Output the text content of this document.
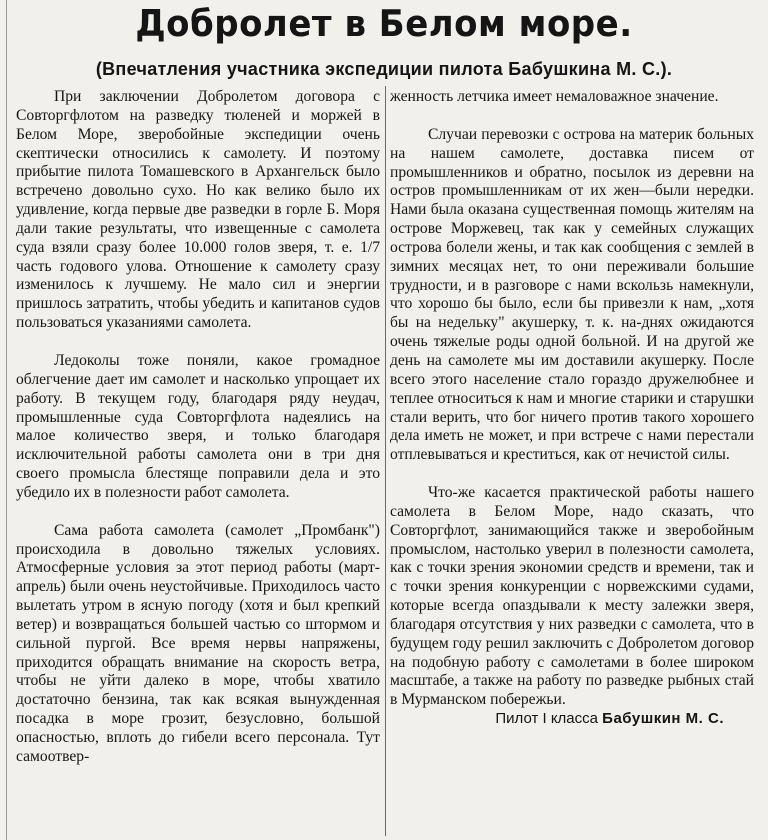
Добролет в Белом море.
(Впечатления участника экспедиции пилота Бабушкина М. С.).

При заключении Добролетом договора с Совторгфлотом на разведку тюленей и моржей в Белом Море, зверобойные экспедиции очень скептически относились к самолету. И поэтому прибытие пилота Томашевского в Архангельск было встречено довольно сухо. Но как велико было их удивление, когда первые две разведки в горле Б. Моря дали такие результаты, что извещенные с самолета суда взяли сразу более 10.000 голов зверя, т. е. 1/7 часть годового улова. Отношение к самолету сразу изменилось к лучшему. Не мало сил и энергии пришлось затратить, чтобы убедить и капитанов судов пользоваться указаниями самолета.

Ледоколы тоже поняли, какое громадное облегчение дает им самолет и насколько упрощает их работу. В текущем году, благодаря ряду неудач, промышленные суда Совторгфлота надеялись на малое количество зверя, и только благодаря исключительной работы самолета они в три дня своего промысла блестяще поправили дела и это убедило их в полезности работ самолета.

Сама работа самолета (самолет „Промбанк") происходила в довольно тяжелых условиях. Атмосферные условия за этот период работы (март-апрель) были очень неустойчивые. Приходилось часто вылетать утром в ясную погоду (хотя и был крепкий ветер) и возвращаться большей частью со штормом и сильной пургой. Все время нервы напряжены, приходится обращать внимание на скорость ветра, чтобы не уйти далеко в море, чтобы хватило достаточно бензина, так как всякая вынужденная посадка в море грозит, безусловно, большой опасностью, вплоть до гибели всего персонала. Тут самоотвер-

женность летчика имеет немаловажное значение.

Случаи перевозки с острова на материк больных на нашем самолете, доставка писем от промышленников и обратно, посылок из деревни на остров промышленникам от их жен—были нередки. Нами была оказана существенная помощь жителям на острове Моржевец, так как у семейных служащих острова болели жены, и так как сообщения с землей в зимних месяцах нет, то они переживали большие трудности, и в разговоре с нами вскользь намекнули, что хорошо бы было, если бы привезли к нам, „хотя бы на недельку" акушерку, т. к. на-днях ожидаются очень тяжелые роды одной больной. И на другой же день на самолете мы им доставили акушерку. После всего этого население стало гораздо дружелюбнее и теплее относиться к нам и многие старики и старушки стали верить, что бог ничего против такого хорошего дела иметь не может, и при встрече с нами перестали отплевываться и креститься, как от нечистой силы.

Что-же касается практической работы нашего самолета в Белом Море, надо сказать, что Совторгфлот, занимающийся также и зверобойным промыслом, настолько уверил в полезности самолета, как с точки зрения экономии средств и времени, так и с точки зрения конкуренции с норвежскими судами, которые всегда опаздывали к месту залежки зверя, благодаря отсутствия у них разведки с самолета, что в будущем году решил заключить с Добролетом договор на подобную работу с самолетами в более широком масштабе, а также на работу по разведке рыбных стай в Мурманском побережьи.

Пилот I класса Бабушкин М. С.
